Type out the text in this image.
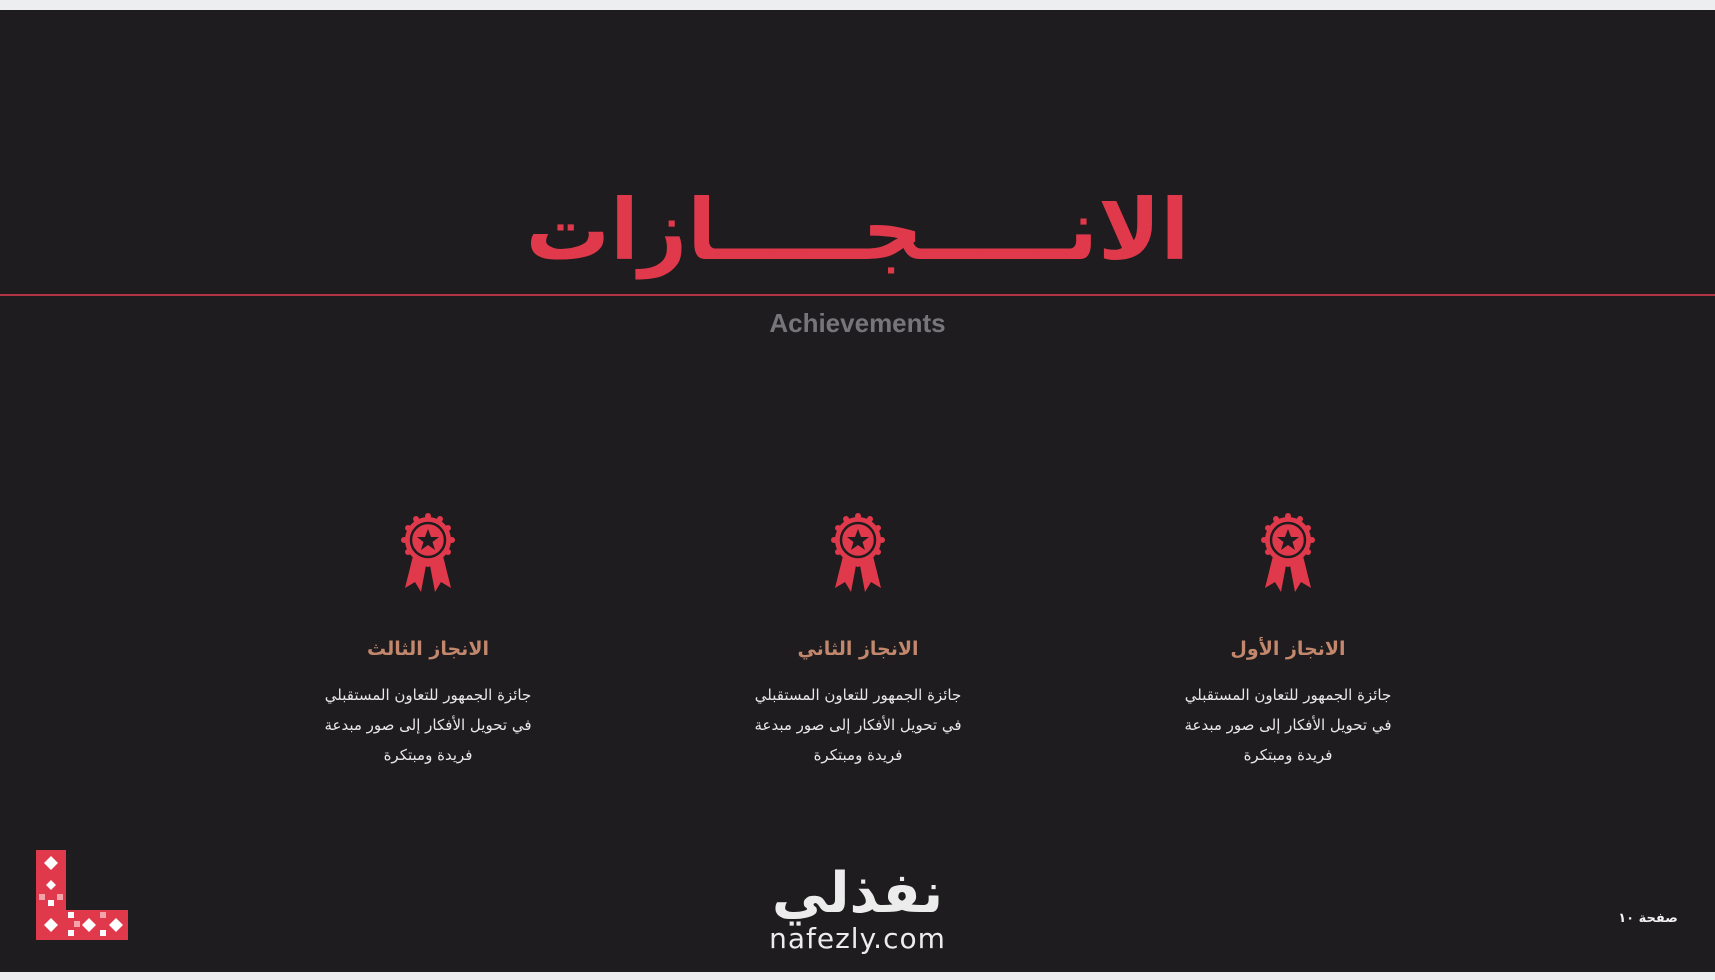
الانـــــجـــــازات
Achievements
الانجاز الأول
جائزة الجمهور للتعاون المستقبلي
في تحويل الأفكار إلى صور مبدعة
فريدة ومبتكرة
الانجاز الثاني
جائزة الجمهور للتعاون المستقبلي
في تحويل الأفكار إلى صور مبدعة
فريدة ومبتكرة
الانجاز الثالث
جائزة الجمهور للتعاون المستقبلي
في تحويل الأفكار إلى صور مبدعة
فريدة ومبتكرة
نفذلي
nafezly.com
صفحة ١٠
